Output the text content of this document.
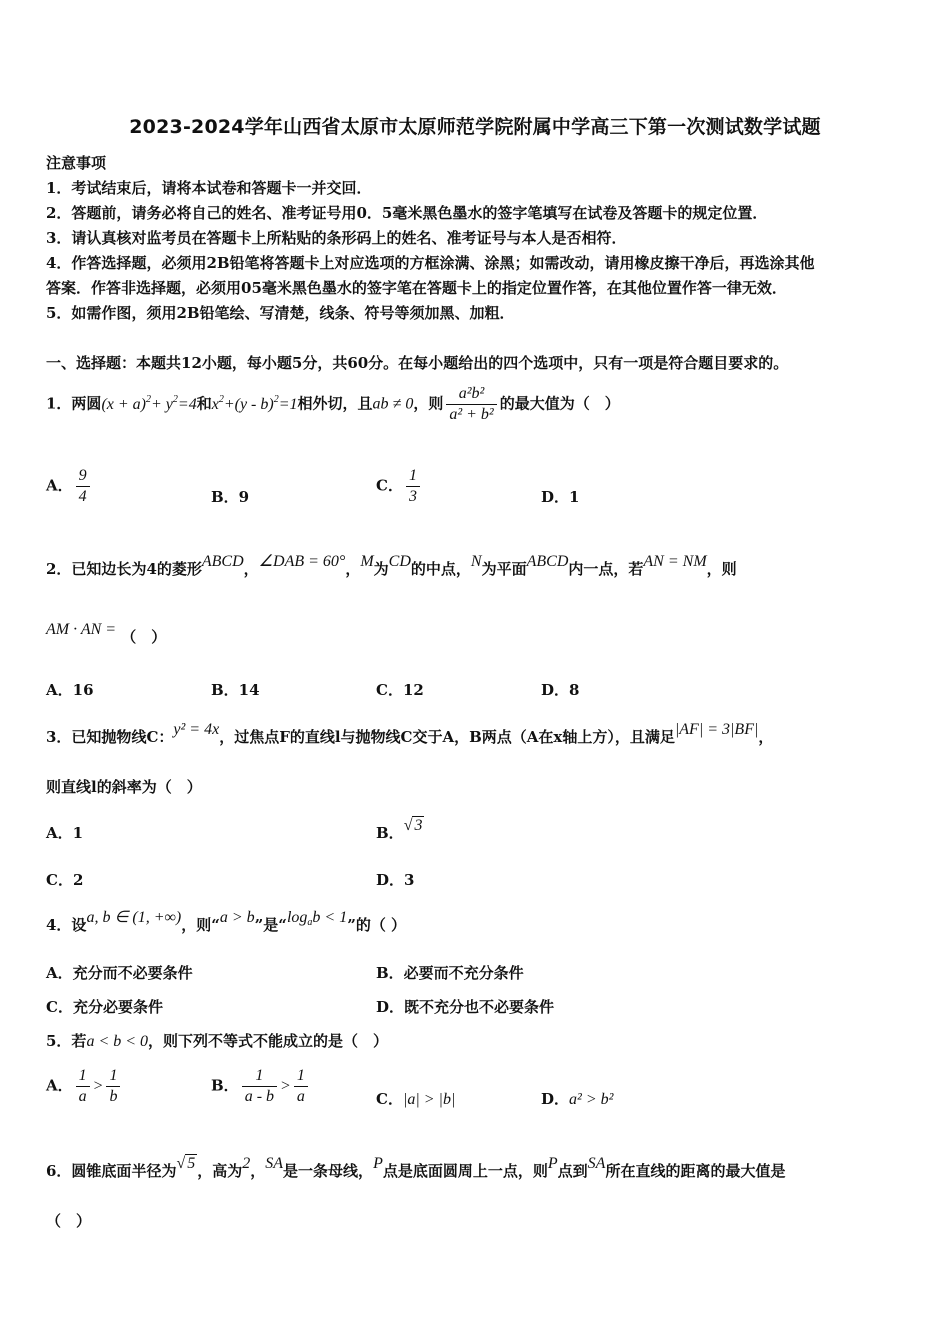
2023-2024学年山西省太原市太原师范学院附属中学高三下第一次测试数学试题
注意事项
1．考试结束后，请将本试卷和答题卡一并交回．
2．答题前，请务必将自己的姓名、准考证号用0．5毫米黑色墨水的签字笔填写在试卷及答题卡的规定位置．
3．请认真核对监考员在答题卡上所粘贴的条形码上的姓名、准考证号与本人是否相符．
4．作答选择题，必须用2B铅笔将答题卡上对应选项的方框涂满、涂黑；如需改动，请用橡皮擦干净后，再选涂其他
答案．作答非选择题，必须用05毫米黑色墨水的签字笔在答题卡上的指定位置作答，在其他位置作答一律无效．
5．如需作图，须用2B铅笔绘、写清楚，线条、符号等须加黑、加粗．
一、选择题：本题共12小题，每小题5分，共60分。在每小题给出的四个选项中，只有一项是符合题目要求的。
1．两圆$(x + a)^2+ y^2=4$和$x^2+(y - b)^2=1$相外切，且ab ≠ 0，则 $\frac{\text{a²b²}}{\text{a² + b²}}$ 的最大值为（　）
A． $\frac{9}{4}$	B．9
C． $\frac{1}{3}$	D．1
2．已知边长为4的菱形ABCD，∠DAB = 60°，M为CD的中点，N为平面ABCD内一点，若AN = NM，则
AM · AN = （　）
A．16	B．14	C．12	D．8
3．已知抛物线C：y² = 4x，过焦点F的直线l与抛物线C交于A，B两点（A在x轴上方），且满足|AF| = 3|BF|，
则直线l的斜率为（　）
A．1	B．√ 3
C．2	D．3
4．设a, b ∈ (1, +∞)，则“a > b”是“$\log_ab < 1$”的（ ）
A．充分而不必要条件	B．必要而不充分条件
C．充分必要条件	D．既不充分也不必要条件
5．若a < b < 0，则下列不等式不能成立的是（　）
A． $\frac{1}{a} > \frac{1}{b}$	B． $\frac{1}{a - b} > \frac{1}{a}$	C．|a| > |b|	D．a² > b²
6．圆锥底面半径为√ 5 ，高为2，SA是一条母线，P点是底面圆周上一点，则P点到SA所在直线的距离的最大值是
（　）
